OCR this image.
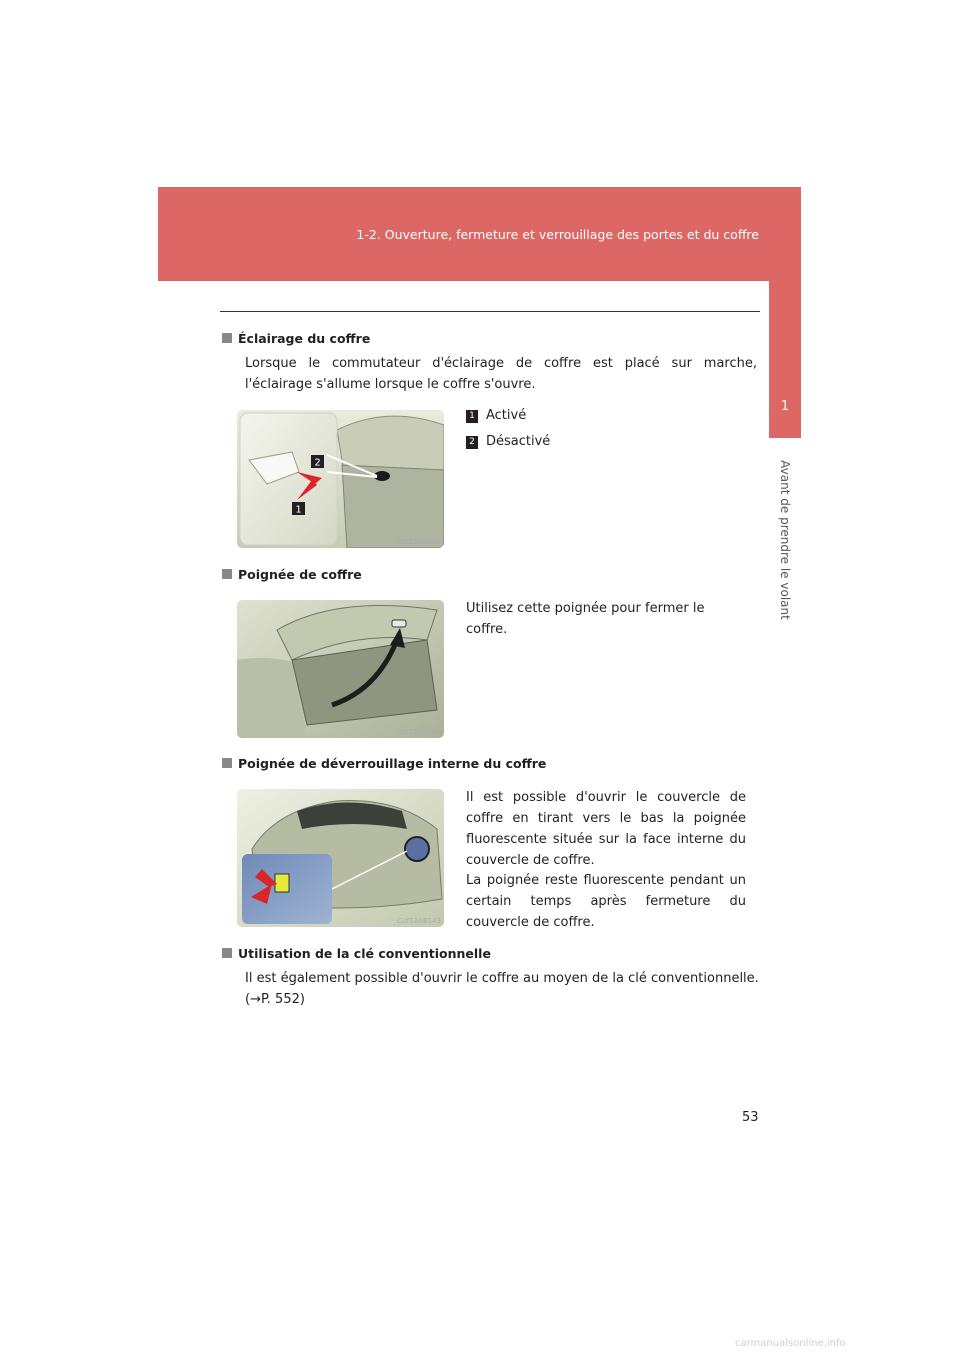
1-2. Ouverture, fermeture et verrouillage des portes et du coffre
1
Avant de prendre le volant
Éclairage du coffre
Lorsque le commutateur d'éclairage de coffre est placé sur marche, l'éclairage s'allume lorsque le coffre s'ouvre.
2
1
CLY12AB102
1 Activé
2 Désactivé
Poignée de coffre
CLY12AB103
Utilisez cette poignée pour fermer le coffre.
Poignée de déverrouillage interne du coffre
CLY12AB143
Il est possible d'ouvrir le couvercle de coffre en tirant vers le bas la poignée fluorescente située sur la face interne du couvercle de coffre.
La poignée reste fluorescente pendant un certain temps après fermeture du couvercle de coffre.
Utilisation de la clé conventionnelle
Il est également possible d'ouvrir le coffre au moyen de la clé conventionnelle.
(→P. 552)
53
carmanualsonline.info
